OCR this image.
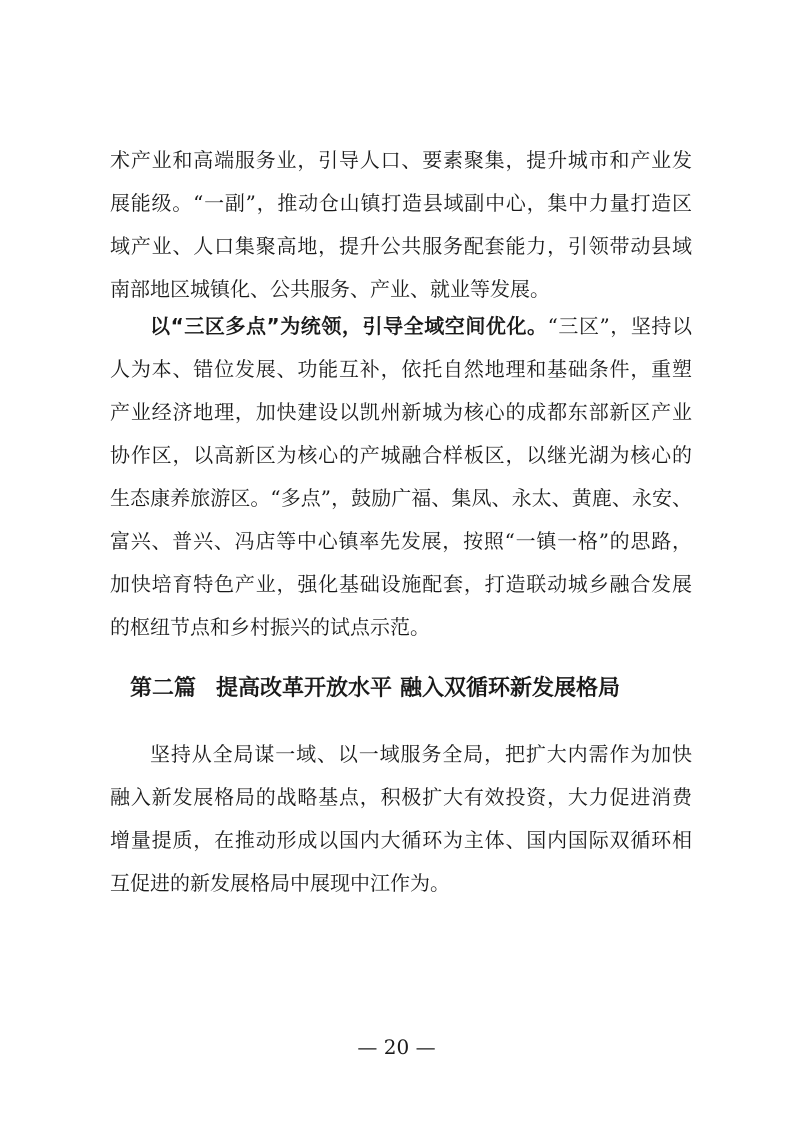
术产业和高端服务业，引导人口、要素聚集，提升城市和产业发
展能级。“一副”，推动仓山镇打造县域副中心，集中力量打造区
域产业、人口集聚高地，提升公共服务配套能力，引领带动县域
南部地区城镇化、公共服务、产业、就业等发展。
以“三区多点”为统领，引导全域空间优化。“三区”，坚持以
第二篇 提高改革开放水平 融入双循环新发展格局
坚持从全局谋一域、以一域服务全局，把扩大内需作为加快
融入新发展格局的战略基点，积极扩大有效投资，大力促进消费
增量提质，在推动形成以国内大循环为主体、国内国际双循环相
互促进的新发展格局中展现中江作为。
— 20 —
人为本、错位发展、功能互补，依托自然地理和基础条件，重塑
产业经济地理，加快建设以凯州新城为核心的成都东部新区产业
协作区，以高新区为核心的产城融合样板区，以继光湖为核心的
生态康养旅游区。“多点”，鼓励广福、集凤、永太、黄鹿、永安、
富兴、普兴、冯店等中心镇率先发展，按照“一镇一格”的思路，
加快培育特色产业，强化基础设施配套，打造联动城乡融合发展
的枢纽节点和乡村振兴的试点示范。
